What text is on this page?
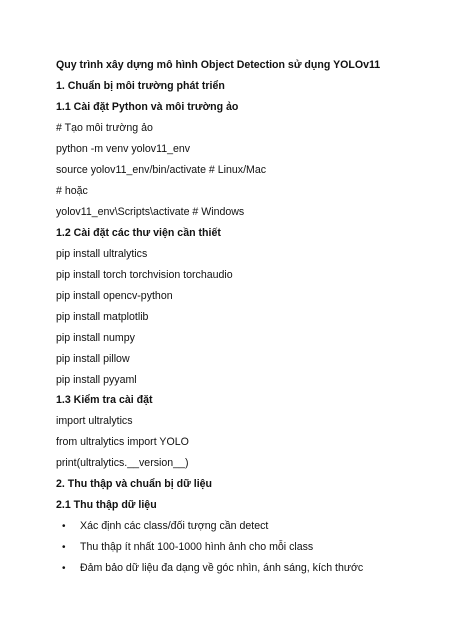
Quy trình xây dựng mô hình Object Detection sử dụng YOLOv11
1. Chuẩn bị môi trường phát triển
1.1 Cài đặt Python và môi trường ảo
# Tạo môi trường ảo
python -m venv yolov11_env
source yolov11_env/bin/activate # Linux/Mac
# hoặc
yolov11_env\Scripts\activate # Windows
1.2 Cài đặt các thư viện cần thiết
pip install ultralytics
pip install torch torchvision torchaudio
pip install opencv-python
pip install matplotlib
pip install numpy
pip install pillow
pip install pyyaml
1.3 Kiểm tra cài đặt
import ultralytics
from ultralytics import YOLO
print(ultralytics.__version__)
2. Thu thập và chuẩn bị dữ liệu
2.1 Thu thập dữ liệu
• Xác định các class/đối tượng cần detect
• Thu thập ít nhất 100-1000 hình ảnh cho mỗi class
• Đảm bảo dữ liệu đa dạng về góc nhìn, ánh sáng, kích thước
